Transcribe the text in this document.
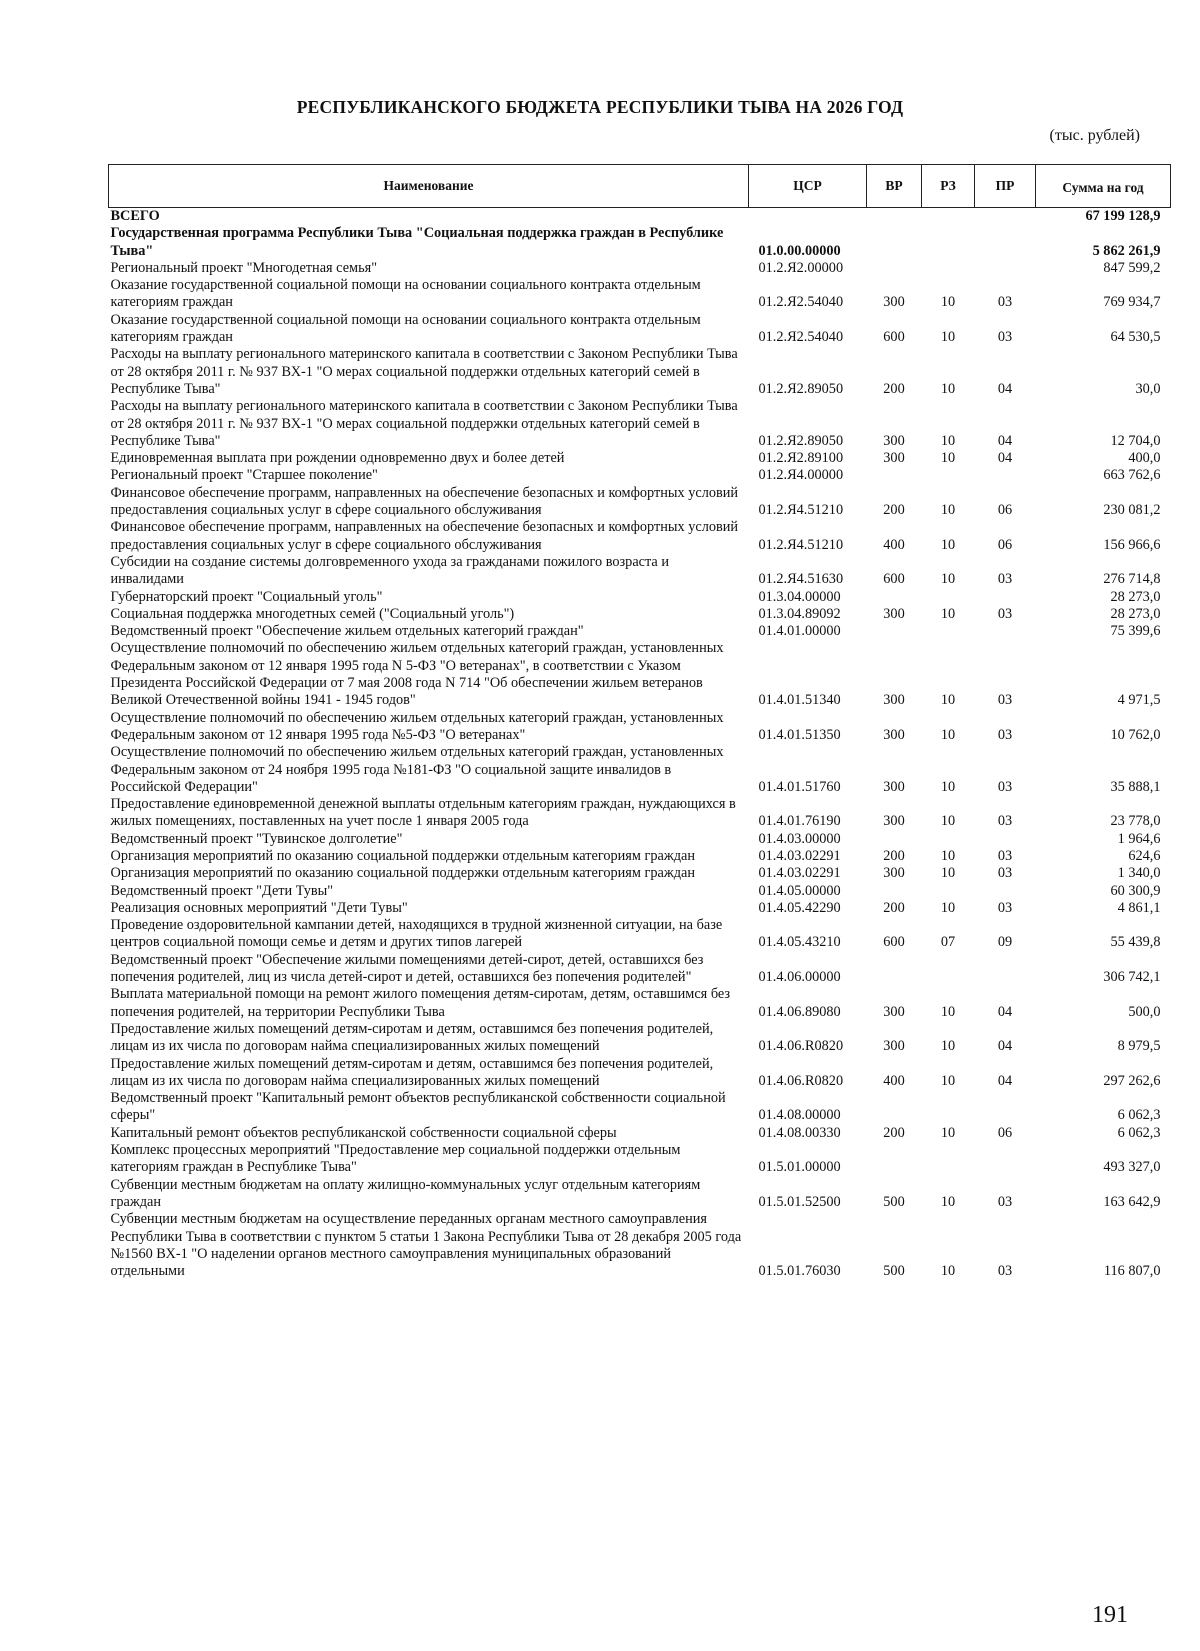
РЕСПУБЛИКАНСКОГО БЮДЖЕТА РЕСПУБЛИКИ ТЫВА НА 2026 ГОД
(тыс. рублей)
Наименование	ЦСР	ВР	РЗ	ПР	Сумма на год
ВСЕГО					67 199 128,9
Государственная программа Республики Тыва "Социальная поддержка граждан в Республике Тыва"	01.0.00.00000				5 862 261,9
Региональный проект "Многодетная семья"	01.2.Я2.00000				847 599,2
Оказание государственной социальной помощи на основании социального контракта отдельным категориям граждан	01.2.Я2.54040	300	10	03	769 934,7
Оказание государственной социальной помощи на основании социального контракта отдельным категориям граждан	01.2.Я2.54040	600	10	03	64 530,5
Расходы на выплату регионального материнского капитала в соответствии с Законом Республики Тыва от 28 октября 2011 г. № 937 ВХ-1 "О мерах социальной поддержки отдельных категорий семей в Республике Тыва"	01.2.Я2.89050	200	10	04	30,0
Расходы на выплату регионального материнского капитала в соответствии с Законом Республики Тыва от 28 октября 2011 г. № 937 ВХ-1 "О мерах социальной поддержки отдельных категорий семей в Республике Тыва"	01.2.Я2.89050	300	10	04	12 704,0
Единовременная выплата при рождении одновременно двух и более детей	01.2.Я2.89100	300	10	04	400,0
Региональный проект "Старшее поколение"	01.2.Я4.00000				663 762,6
Финансовое обеспечение программ, направленных на обеспечение безопасных и комфортных условий предоставления социальных услуг в сфере социального обслуживания	01.2.Я4.51210	200	10	06	230 081,2
Финансовое обеспечение программ, направленных на обеспечение безопасных и комфортных условий предоставления социальных услуг в сфере социального обслуживания	01.2.Я4.51210	400	10	06	156 966,6
Субсидии на создание системы долговременного ухода за гражданами пожилого возраста и инвалидами	01.2.Я4.51630	600	10	03	276 714,8
Губернаторский проект "Социальный уголь"	01.3.04.00000				28 273,0
Социальная поддержка многодетных семей ("Социальный уголь")	01.3.04.89092	300	10	03	28 273,0
Ведомственный проект "Обеспечение жильем отдельных категорий граждан"	01.4.01.00000				75 399,6
Осуществление полномочий по обеспечению жильем отдельных категорий граждан, установленных Федеральным законом от 12 января 1995 года N 5-ФЗ "О ветеранах", в соответствии с Указом Президента Российской Федерации от 7 мая 2008 года N 714 "Об обеспечении жильем ветеранов Великой Отечественной войны 1941 - 1945 годов"	01.4.01.51340	300	10	03	4 971,5
Осуществление полномочий по обеспечению жильем отдельных категорий граждан, установленных Федеральным законом от 12 января 1995 года №5-ФЗ "О ветеранах"	01.4.01.51350	300	10	03	10 762,0
Осуществление полномочий по обеспечению жильем отдельных категорий граждан, установленных Федеральным законом от 24 ноября 1995 года №181-ФЗ "О социальной защите инвалидов в Российской Федерации"	01.4.01.51760	300	10	03	35 888,1
Предоставление единовременной денежной выплаты отдельным категориям граждан, нуждающихся в жилых помещениях, поставленных на учет после 1 января 2005 года	01.4.01.76190	300	10	03	23 778,0
Ведомственный проект "Тувинское долголетие"	01.4.03.00000				1 964,6
Организация мероприятий по оказанию социальной поддержки отдельным категориям граждан	01.4.03.02291	200	10	03	624,6
Организация мероприятий по оказанию социальной поддержки отдельным категориям граждан	01.4.03.02291	300	10	03	1 340,0
Ведомственный проект "Дети Тувы"	01.4.05.00000				60 300,9
Реализация основных мероприятий "Дети Тувы"	01.4.05.42290	200	10	03	4 861,1
Проведение оздоровительной кампании детей, находящихся в трудной жизненной ситуации, на базе центров социальной помощи семье и детям и других типов лагерей	01.4.05.43210	600	07	09	55 439,8
Ведомственный проект "Обеспечение жилыми помещениями детей-сирот, детей, оставшихся без попечения родителей, лиц из числа детей-сирот и детей, оставшихся без попечения родителей"	01.4.06.00000				306 742,1
Выплата материальной помощи на ремонт жилого помещения детям-сиротам, детям, оставшимся без попечения родителей, на территории Республики Тыва	01.4.06.89080	300	10	04	500,0
Предоставление жилых помещений детям-сиротам и детям, оставшимся без попечения родителей, лицам из их числа по договорам найма специализированных жилых помещений	01.4.06.R0820	300	10	04	8 979,5
Предоставление жилых помещений детям-сиротам и детям, оставшимся без попечения родителей, лицам из их числа по договорам найма специализированных жилых помещений	01.4.06.R0820	400	10	04	297 262,6
Ведомственный проект "Капитальный ремонт объектов республиканской собственности социальной сферы"	01.4.08.00000				6 062,3
Капитальный ремонт объектов республиканской собственности социальной сферы	01.4.08.00330	200	10	06	6 062,3
Комплекс процессных мероприятий "Предоставление мер социальной поддержки отдельным категориям граждан в Республике Тыва"	01.5.01.00000				493 327,0
Субвенции местным бюджетам на оплату жилищно-коммунальных услуг отдельным категориям граждан	01.5.01.52500	500	10	03	163 642,9
Субвенции местным бюджетам на осуществление переданных органам местного самоуправления Республики Тыва в соответствии с пунктом 5 статьи 1 Закона Республики Тыва от 28 декабря 2005 года №1560 ВХ-1 "О наделении органов местного самоуправления муниципальных образований отдельными	01.5.01.76030	500	10	03	116 807,0
191
